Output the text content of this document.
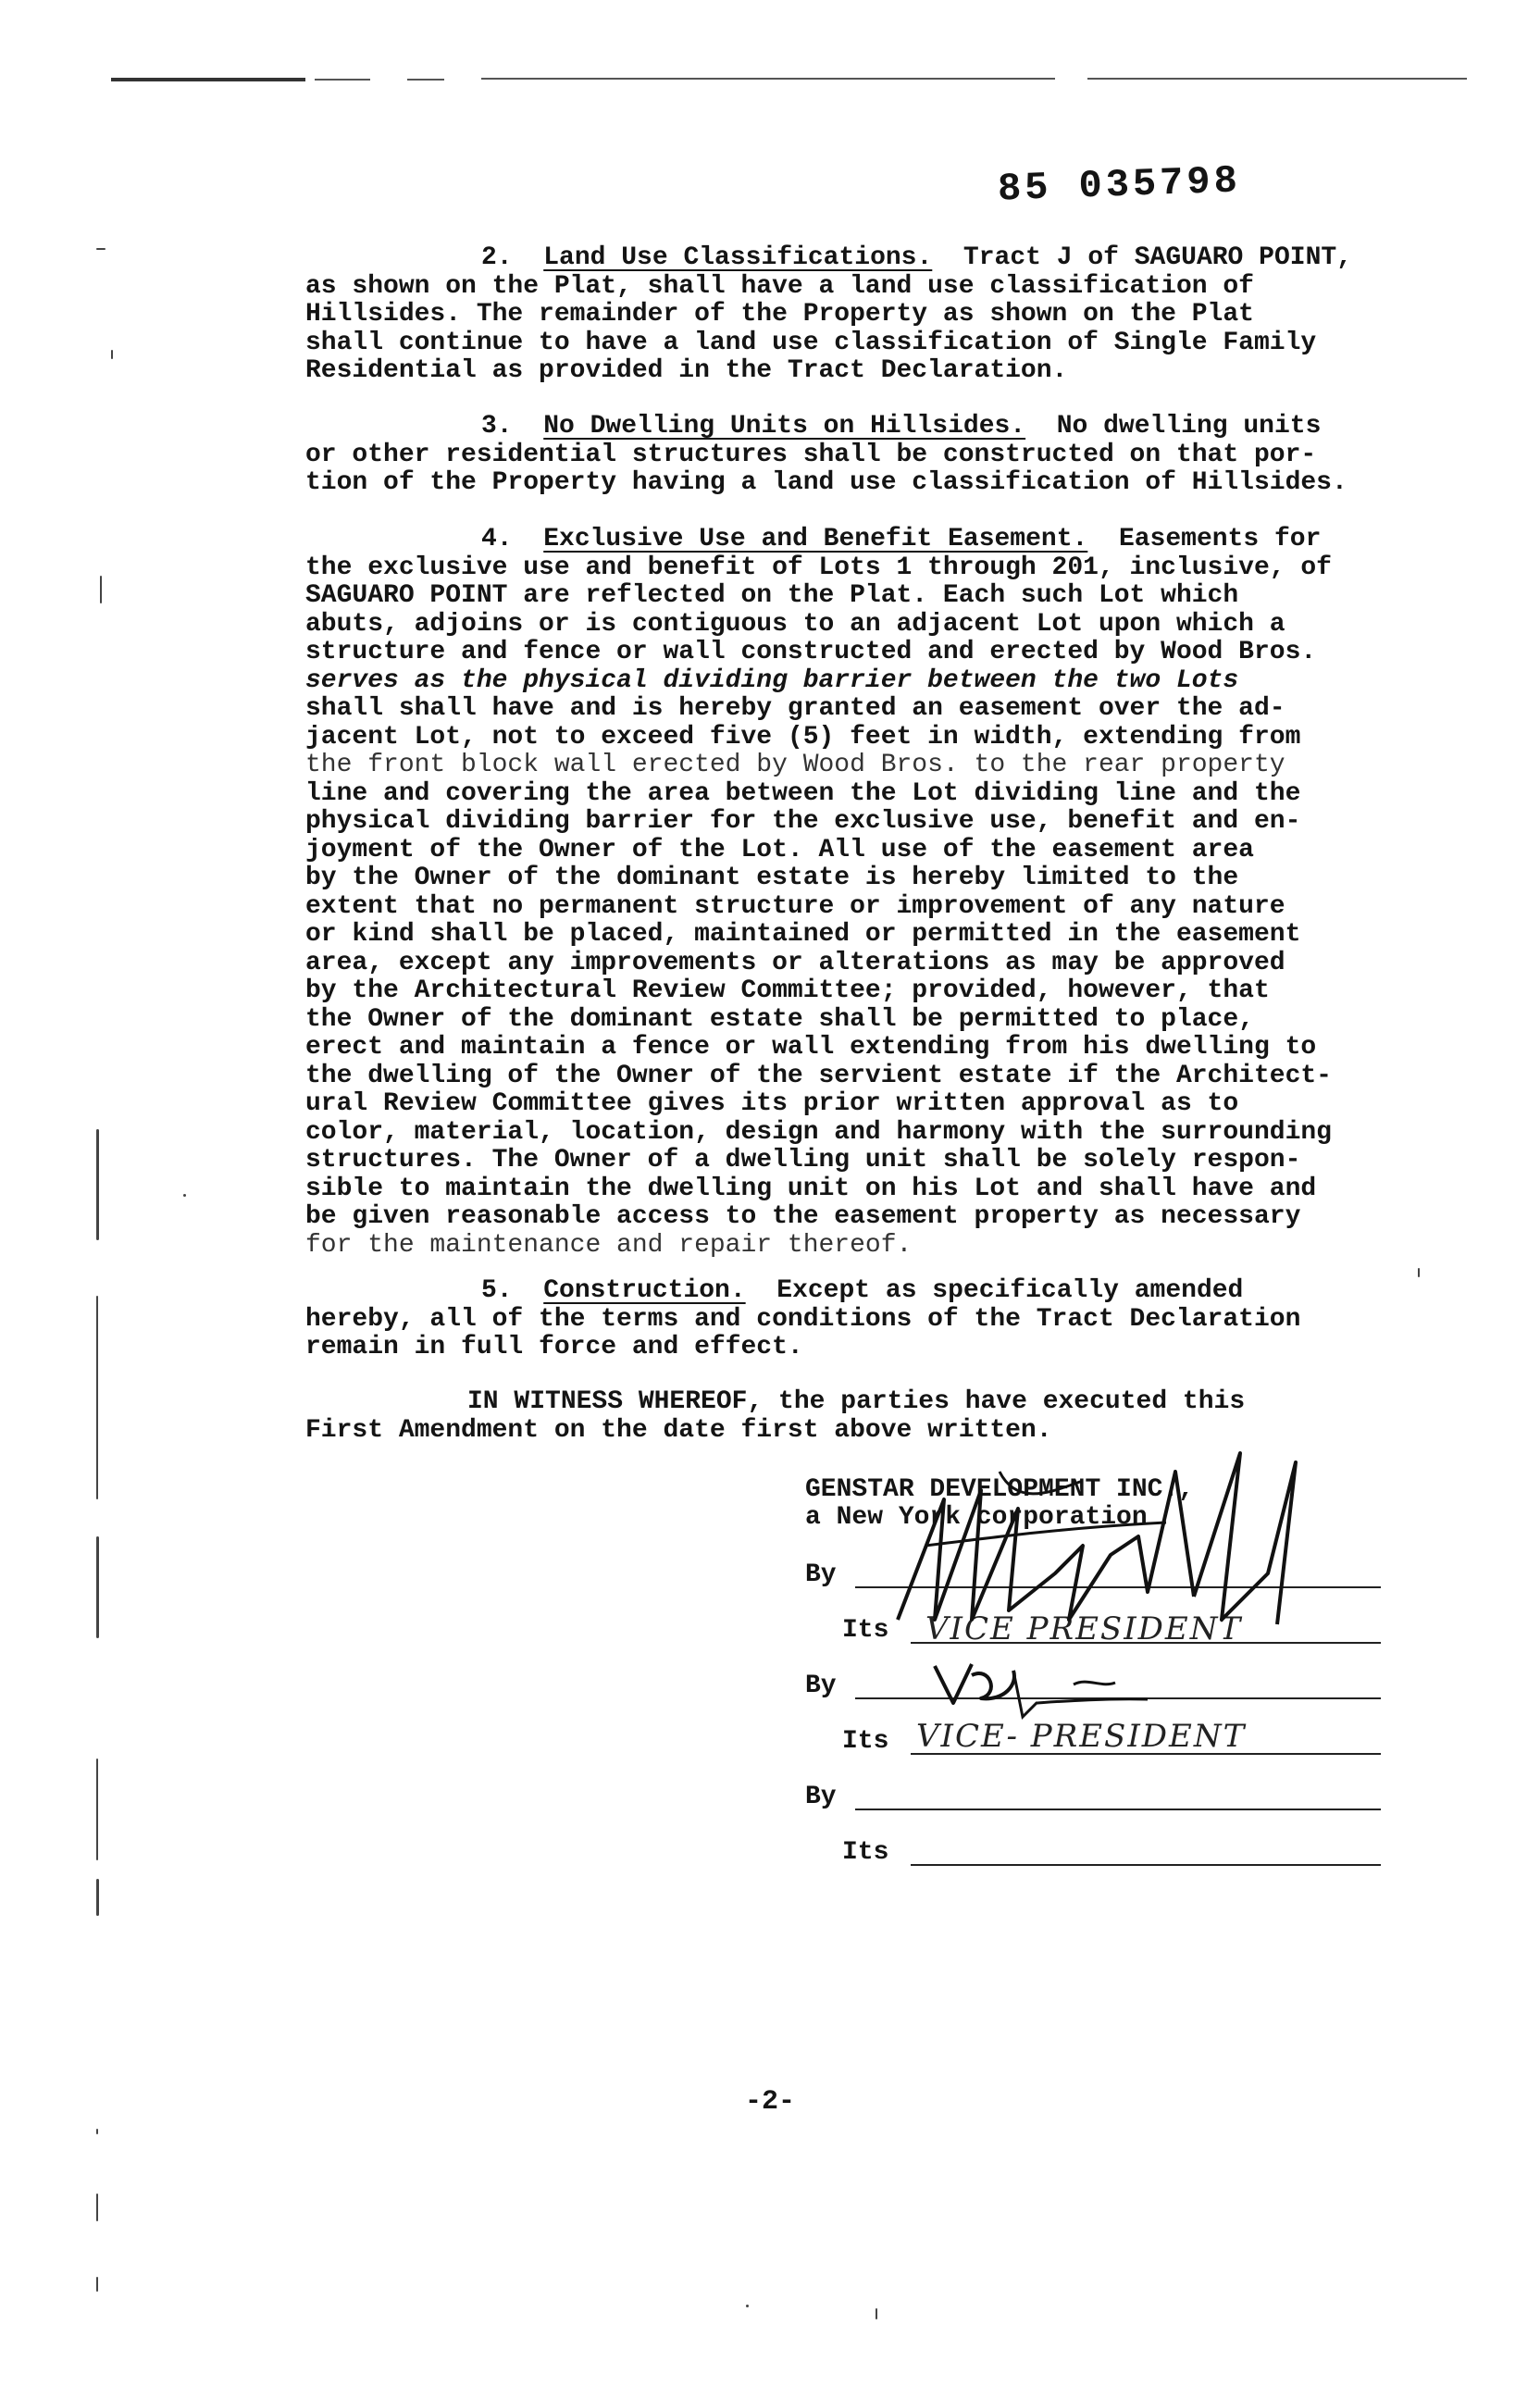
85 035798
2. Land Use Classifications. Tract J of SAGUARO POINT,
as shown on the Plat, shall have a land use classification of
Hillsides. The remainder of the Property as shown on the Plat
shall continue to have a land use classification of Single Family
Residential as provided in the Tract Declaration.
3. No Dwelling Units on Hillsides. No dwelling units
or other residential structures shall be constructed on that por-
tion of the Property having a land use classification of Hillsides.
4. Exclusive Use and Benefit Easement. Easements for
the exclusive use and benefit of Lots 1 through 201, inclusive, of
SAGUARO POINT are reflected on the Plat. Each such Lot which
abuts, adjoins or is contiguous to an adjacent Lot upon which a
structure and fence or wall constructed and erected by Wood Bros.
serves as the physical dividing barrier between the two Lots
shall shall have and is hereby granted an easement over the ad-
jacent Lot, not to exceed five (5) feet in width, extending from
the front block wall erected by Wood Bros. to the rear property
line and covering the area between the Lot dividing line and the
physical dividing barrier for the exclusive use, benefit and en-
joyment of the Owner of the Lot. All use of the easement area
by the Owner of the dominant estate is hereby limited to the
extent that no permanent structure or improvement of any nature
or kind shall be placed, maintained or permitted in the easement
area, except any improvements or alterations as may be approved
by the Architectural Review Committee; provided, however, that
the Owner of the dominant estate shall be permitted to place,
erect and maintain a fence or wall extending from his dwelling to
the dwelling of the Owner of the servient estate if the Architect-
ural Review Committee gives its prior written approval as to
color, material, location, design and harmony with the surrounding
structures. The Owner of a dwelling unit shall be solely respon-
sible to maintain the dwelling unit on his Lot and shall have and
be given reasonable access to the easement property as necessary
for the maintenance and repair thereof.
5. Construction. Except as specifically amended
hereby, all of the terms and conditions of the Tract Declaration
remain in full force and effect.
IN WITNESS WHEREOF, the parties have executed this
First Amendment on the date first above written.
GENSTAR DEVELOPMENT INC.,
a New York corporation
By
Its VICE PRESIDENT
By
Its VICE- PRESIDENT
By
Its
-2-
